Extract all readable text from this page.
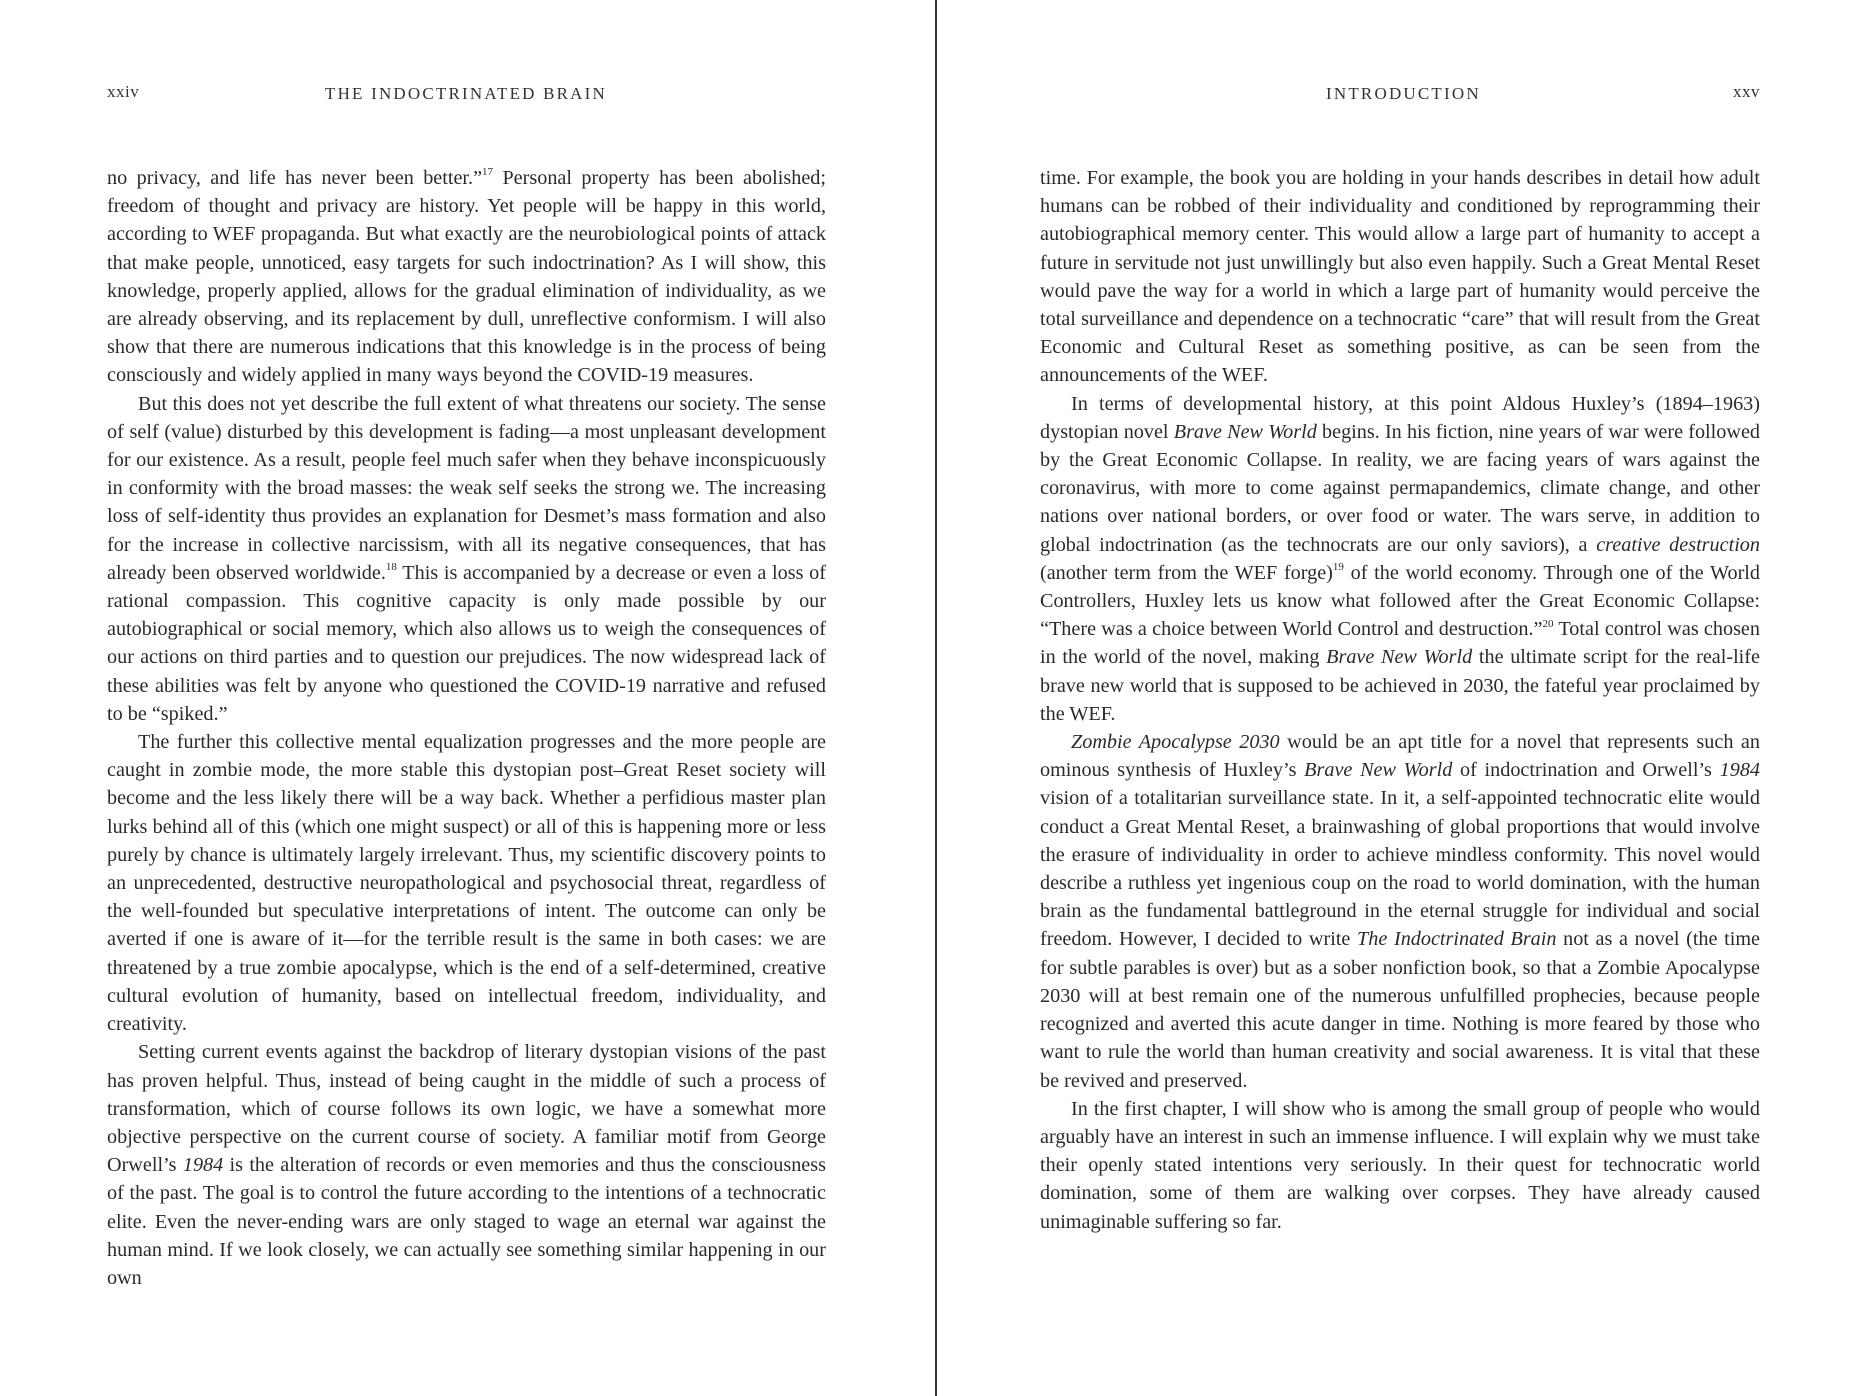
xxiv	THE INDOCTRINATED BRAIN

no privacy, and life has never been better.”$^{17}$ Personal property has been abolished; freedom of thought and privacy are history. Yet people will be happy in this world, according to WEF propaganda. But what exactly are the neurobiological points of attack that make people, unnoticed, easy targets for such indoctrination? As I will show, this knowledge, properly applied, allows for the gradual elimination of individuality, as we are already observing, and its replacement by dull, unreflective conformism. I will also show that there are numerous indications that this knowledge is in the process of being consciously and widely applied in many ways beyond the COVID-19 measures.

But this does not yet describe the full extent of what threatens our society. The sense of self (value) disturbed by this development is fading—a most unpleasant development for our existence. As a result, people feel much safer when they behave inconspicuously in conformity with the broad masses: the weak self seeks the strong we. The increasing loss of self-identity thus provides an explanation for Desmet’s mass formation and also for the increase in collective narcissism, with all its negative consequences, that has already been observed worldwide.$^{18}$ This is accompanied by a decrease or even a loss of rational compassion. This cognitive capacity is only made possible by our autobiographical or social memory, which also allows us to weigh the consequences of our actions on third parties and to question our prejudices. The now widespread lack of these abilities was felt by anyone who questioned the COVID-19 narrative and refused to be “spiked.”

The further this collective mental equalization progresses and the more people are caught in zombie mode, the more stable this dystopian post–Great Reset society will become and the less likely there will be a way back. Whether a perfidious master plan lurks behind all of this (which one might suspect) or all of this is happening more or less purely by chance is ultimately largely irrelevant. Thus, my scientific discovery points to an unprecedented, destructive neuropathological and psychosocial threat, regardless of the well-founded but speculative interpretations of intent. The outcome can only be averted if one is aware of it—for the terrible result is the same in both cases: we are threatened by a true zombie apocalypse, which is the end of a self-determined, creative cultural evolution of humanity, based on intellectual freedom, individuality, and creativity.

Setting current events against the backdrop of literary dystopian visions of the past has proven helpful. Thus, instead of being caught in the middle of such a process of transformation, which of course follows its own logic, we have a somewhat more objective perspective on the current course of society. A familiar motif from George Orwell’s 1984 is the alteration of records or even memories and thus the consciousness of the past. The goal is to control the future according to the intentions of a technocratic elite. Even the never-ending wars are only staged to wage an eternal war against the human mind. If we look closely, we can actually see something similar happening in our own

INTRODUCTION	xxv

time. For example, the book you are holding in your hands describes in detail how adult humans can be robbed of their individuality and conditioned by reprogramming their autobiographical memory center. This would allow a large part of humanity to accept a future in servitude not just unwillingly but also even happily. Such a Great Mental Reset would pave the way for a world in which a large part of humanity would perceive the total surveillance and dependence on a technocratic “care” that will result from the Great Economic and Cultural Reset as something positive, as can be seen from the announcements of the WEF.

In terms of developmental history, at this point Aldous Huxley’s (1894–1963) dystopian novel Brave New World begins. In his fiction, nine years of war were followed by the Great Economic Collapse. In reality, we are facing years of wars against the coronavirus, with more to come against permapandemics, climate change, and other nations over national borders, or over food or water. The wars serve, in addition to global indoctrination (as the technocrats are our only saviors), a creative destruction (another term from the WEF forge)$^{19}$ of the world economy. Through one of the World Controllers, Huxley lets us know what followed after the Great Economic Collapse: “There was a choice between World Control and destruction.”$^{20}$ Total control was chosen in the world of the novel, making Brave New World the ultimate script for the real-life brave new world that is supposed to be achieved in 2030, the fateful year proclaimed by the WEF.

Zombie Apocalypse 2030 would be an apt title for a novel that represents such an ominous synthesis of Huxley’s Brave New World of indoctrination and Orwell’s 1984 vision of a totalitarian surveillance state. In it, a self-appointed technocratic elite would conduct a Great Mental Reset, a brainwashing of global proportions that would involve the erasure of individuality in order to achieve mindless conformity. This novel would describe a ruthless yet ingenious coup on the road to world domination, with the human brain as the fundamental battleground in the eternal struggle for individual and social freedom. However, I decided to write The Indoctrinated Brain not as a novel (the time for subtle parables is over) but as a sober nonfiction book, so that a Zombie Apocalypse 2030 will at best remain one of the numerous unfulfilled prophecies, because people recognized and averted this acute danger in time. Nothing is more feared by those who want to rule the world than human creativity and social awareness. It is vital that these be revived and preserved.

In the first chapter, I will show who is among the small group of people who would arguably have an interest in such an immense influence. I will explain why we must take their openly stated intentions very seriously. In their quest for technocratic world domination, some of them are walking over corpses. They have already caused unimaginable suffering so far.
